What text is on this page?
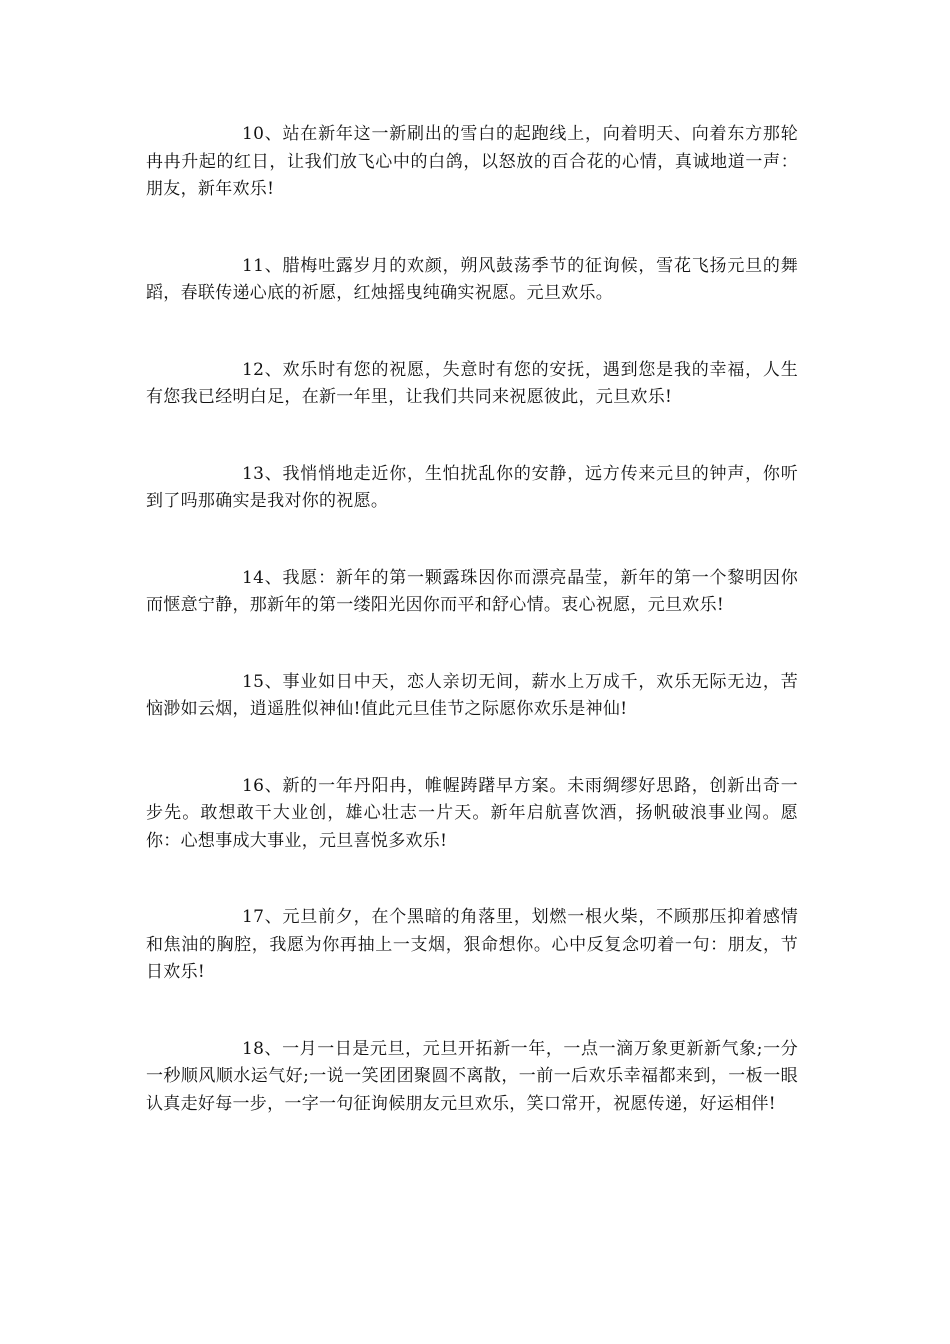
10、站在新年这一新刷出的雪白的起跑线上，向着明天、向着东方那轮冉冉升起的红日，让我们放飞心中的白鸽，以怒放的百合花的心情，真诚地道一声：朋友，新年欢乐!

11、腊梅吐露岁月的欢颜，朔风鼓荡季节的征询候，雪花飞扬元旦的舞蹈，春联传递心底的祈愿，红烛摇曳纯确实祝愿。元旦欢乐。

12、欢乐时有您的祝愿，失意时有您的安抚，遇到您是我的幸福，人生有您我已经明白足，在新一年里，让我们共同来祝愿彼此，元旦欢乐!

13、我悄悄地走近你，生怕扰乱你的安静，远方传来元旦的钟声，你听到了吗那确实是我对你的祝愿。

14、我愿：新年的第一颗露珠因你而漂亮晶莹，新年的第一个黎明因你而惬意宁静，那新年的第一缕阳光因你而平和舒心情。衷心祝愿，元旦欢乐!

15、事业如日中天，恋人亲切无间，薪水上万成千，欢乐无际无边，苦恼渺如云烟，逍遥胜似神仙!值此元旦佳节之际愿你欢乐是神仙!

16、新的一年丹阳冉，帷幄踌躇早方案。未雨绸缪好思路，创新出奇一步先。敢想敢干大业创，雄心壮志一片天。新年启航喜饮酒，扬帆破浪事业闯。愿你：心想事成大事业，元旦喜悦多欢乐!

17、元旦前夕，在个黑暗的角落里，划燃一根火柴，不顾那压抑着感情和焦油的胸腔，我愿为你再抽上一支烟，狠命想你。心中反复念叨着一句：朋友，节日欢乐!

18、一月一日是元旦，元旦开拓新一年，一点一滴万象更新新气象;一分一秒顺风顺水运气好;一说一笑团团聚圆不离散，一前一后欢乐幸福都来到，一板一眼认真走好每一步，一字一句征询候朋友元旦欢乐，笑口常开，祝愿传递，好运相伴!
